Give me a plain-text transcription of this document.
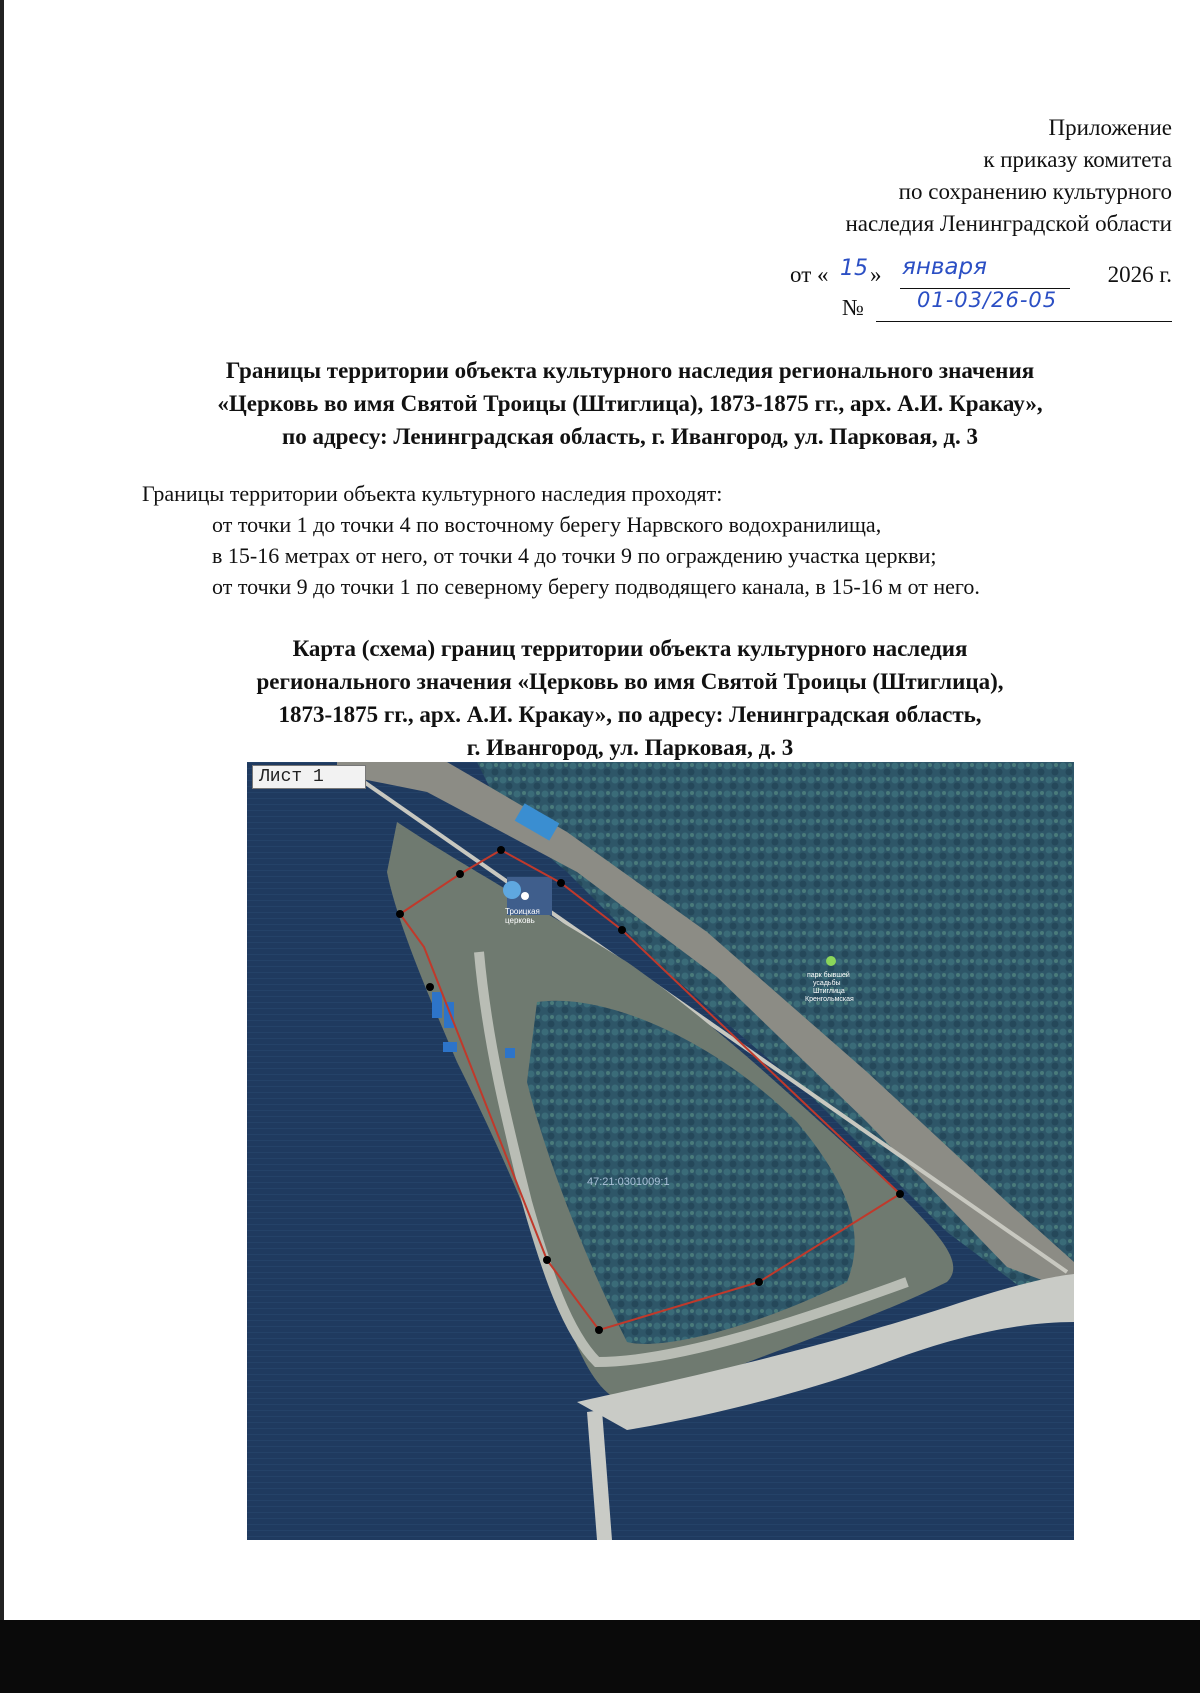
Приложение
к приказу комитета
по сохранению культурного
наследия Ленинградской области
от « 15 » января	2026 г.
№	01-03/26-05
Границы территории объекта культурного наследия регионального значения
«Церковь во имя Святой Троицы (Штиглица), 1873-1875 гг., арх. А.И. Кракау»,
по адресу: Ленинградская область, г. Ивангород, ул. Парковая, д. 3

Границы территории объекта культурного наследия проходят:

от точки 1 до точки 4 по восточному берегу Нарвского водохранилища,

в 15-16 метрах от него, от точки 4 до точки 9 по ограждению участка церкви;

от точки 9 до точки 1 по северному берегу подводящего канала, в 15-16 м от него.

Карта (схема) границ территории объекта культурного наследия
регионального значения «Церковь во имя Святой Троицы (Штиглица),
1873-1875 гг., арх. А.И. Кракау», по адресу: Ленинградская область,
г. Ивангород, ул. Парковая, д. 3
Троицкая
церковь
парк бывшей
усадьбы
Штиглица
Кренгольмская
47:21:0301009:1
Лист 1
